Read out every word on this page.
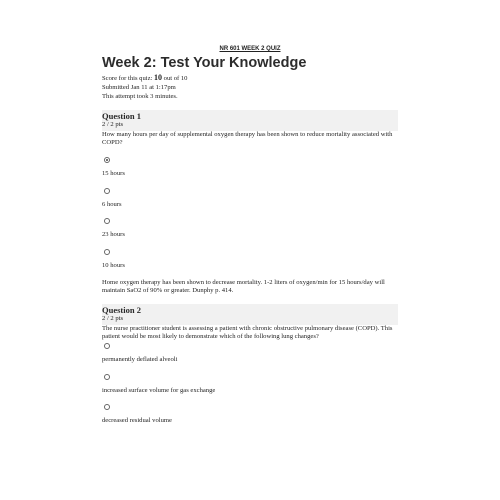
NR 601 WEEK 2 QUIZ
Week 2: Test Your Knowledge
Score for this quiz: 10 out of 10
Submitted Jan 11 at 1:17pm
This attempt took 3 minutes.
Question 1
2 / 2 pts
How many hours per day of supplemental oxygen therapy has been shown to reduce mortality associated with COPD?
15 hours
6 hours
23 hours
10 hours
Home oxygen therapy has been shown to decrease mortality. 1-2 liters of oxygen/min for 15 hours/day will maintain SaO2 of 90% or greater. Dunphy p. 414.
Question 2
2 / 2 pts
The nurse practitioner student is assessing a patient with chronic obstructive pulmonary disease (COPD). This patient would be most likely to demonstrate which of the following lung changes?
permanently deflated alveoli
increased surface volume for gas exchange
decreased residual volume
